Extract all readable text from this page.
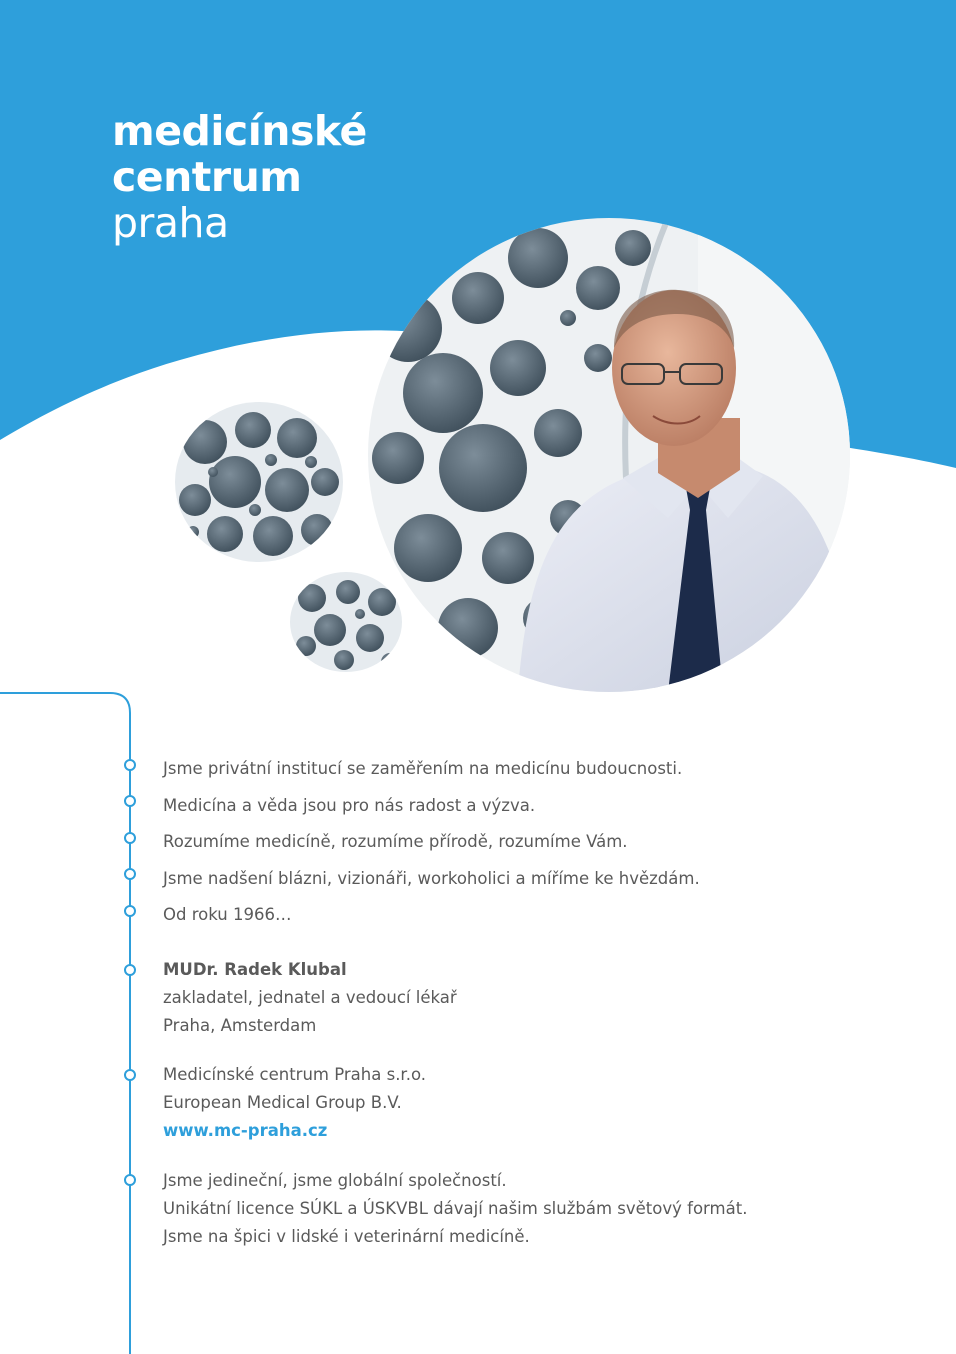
medicínské
centrum
praha
Jsme privátní institucí se zaměřením na medicínu budoucnosti.
Medicína a věda jsou pro nás radost a výzva.
Rozumíme medicíně, rozumíme přírodě, rozumíme Vám.
Jsme nadšení blázni, vizionáři, workoholici a míříme ke hvězdám.
Od roku 1966…
MUDr. Radek Klubal
zakladatel, jednatel a vedoucí lékař
Praha, Amsterdam
Medicínské centrum Praha s.r.o.
European Medical Group B.V.
www.mc-praha.cz
Jsme jedineční, jsme globální společností.
Unikátní licence SÚKL a ÚSKVBL dávají našim službám světový formát.
Jsme na špici v lidské i veterinární medicíně.
